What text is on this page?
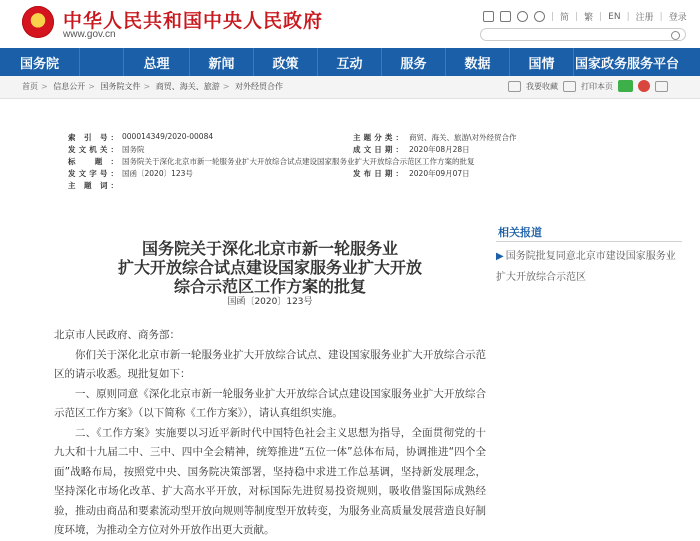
中华人民共和国中央人民政府
www.gov.cn
| 简 | 繁 | EN | 注册 | 登录
国务院	总理	新闻	政策	互动	服务	数据	国情	国家政务服务平台
首页 > 信息公开 > 国务院文件 > 商贸、海关、旅游 > 对外经贸合作	我要收藏	打印本页
索 引 号： 000014349/2020-00084	主题分类： 商贸、海关、旅游\对外经贸合作
发文机关： 国务院	成文日期： 2020年08月28日
标 题： 国务院关于深化北京市新一轮服务业扩大开放综合试点建设国家服务业扩大开放综合示范区工作方案的批复
发文字号： 国函〔2020〕123号	发布日期： 2020年09月07日
主 题 词：
国务院关于深化北京市新一轮服务业
扩大开放综合试点建设国家服务业扩大开放
综合示范区工作方案的批复
国函〔2020〕123号

北京市人民政府、商务部：

你们关于深化北京市新一轮服务业扩大开放综合试点、建设国家服务业扩大开放综合示范区的请示收悉。现批复如下：

一、原则同意《深化北京市新一轮服务业扩大开放综合试点建设国家服务业扩大开放综合示范区工作方案》（以下简称《工作方案》），请认真组织实施。

二、《工作方案》实施要以习近平新时代中国特色社会主义思想为指导，全面贯彻党的十九大和十九届二中、三中、四中全会精神，统筹推进“五位一体”总体布局，协调推进“四个全面”战略布局，按照党中央、国务院决策部署，坚持稳中求进工作总基调，坚持新发展理念，坚持深化市场化改革、扩大高水平开放，对标国际先进贸易投资规则，吸收借鉴国际成熟经验，推动由商品和要素流动型开放向规则等制度型开放转变，为服务业高质量发展营造良好制度环境，为推动全方位对外开放作出更大贡献。

相关报道
▶ 国务院批复同意北京市建设国家服务业扩大开放综合示范区
